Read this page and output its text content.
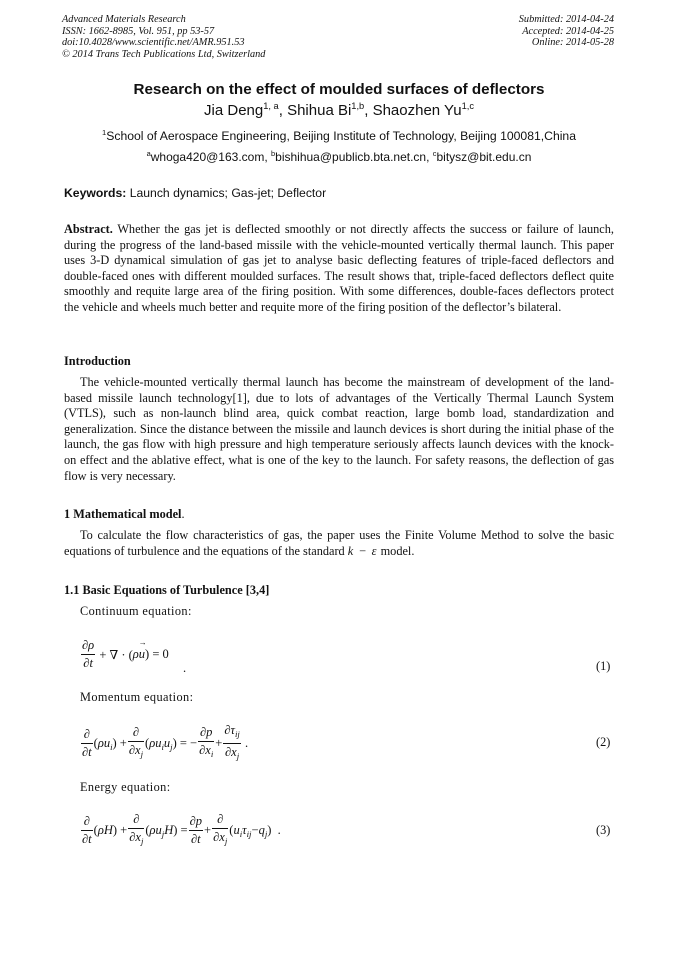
Advanced Materials Research
ISSN: 1662-8985, Vol. 951, pp 53-57
doi:10.4028/www.scientific.net/AMR.951.53
© 2014 Trans Tech Publications Ltd, Switzerland
Submitted: 2014-04-24
Accepted: 2014-04-25
Online: 2014-05-28
Research on the effect of moulded surfaces of deflectors
Jia Deng$^{1, a}$, Shihua Bi$^{1,b}$, Shaozhen Yu$^{1,c}$
$^1$School of Aerospace Engineering, Beijing Institute of Technology, Beijing 100081,China
$^a$whoga420@163.com, $^b$bishihua@publicb.bta.net.cn, $^c$bitysz@bit.edu.cn
Keywords: Launch dynamics; Gas-jet; Deflector
Abstract. Whether the gas jet is deflected smoothly or not directly affects the success or failure of launch, during the progress of the land-based missile with the vehicle-mounted vertically thermal launch. This paper uses 3-D dynamical simulation of gas jet to analyse basic deflecting features of triple-faced deflectors and double-faced ones with different moulded surfaces. The result shows that, triple-faced deflectors deflect quite smoothly and requite large area of the firing position. With some differences, double-faces deflectors protect the vehicle and wheels much better and requite more of the firing position of the deflector’s bilateral.
Introduction
The vehicle-mounted vertically thermal launch has become the mainstream of development of the land-based missile launch technology[1], due to lots of advantages of the Vertically Thermal Launch System (VTLS), such as non-launch blind area, quick combat reaction, large bomb load, standardization and generalization. Since the distance between the missile and launch devices is short during the initial phase of the launch, the gas flow with high pressure and high temperature seriously affects launch devices with the knock-on effect and the ablative effect, what is one of the key to the launch. For safety reasons, the deflection of gas flow is very necessary.
1 Mathematical model.
To calculate the flow characteristics of gas, the paper uses the Finite Volume Method to solve the basic equations of turbulence and the equations of the standard k − ε model.
1.1 Basic Equations of Turbulence [3,4]
Continuum equation:
$\frac{\partial\rho}{\partial t}$ + ∇ · ( ρ
→ u ) = 0
.	(1)
Momentum equation:
$\frac{\partial}{\partial t}$ ( $\rho u_i$ ) + $\frac{\partial}{\partial x_j}$ ( $\rho u_iu_j$ ) = − $\frac{\partial p}{\partial x_i} + \frac{\partial\tau_{ij}}{\partial x_j}$ .	(2)
Energy equation:
$\frac{\partial}{\partial t}$ ( ρH ) + $\frac{\partial}{\partial x_j}$ ( $\rho u_jH$ ) = $\frac{\partial p}{\partial t} + \frac{\partial}{\partial x_j}$ ( $u_i\tau_{ij} - q_j$ )  .	(3)
